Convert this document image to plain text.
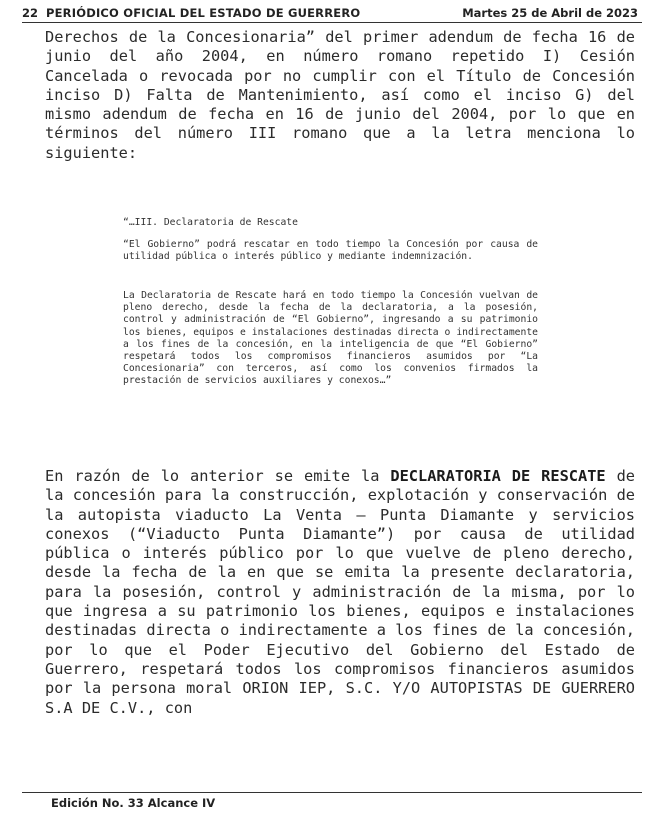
22 PERIÓDICO OFICIAL DEL ESTADO DE GUERRERO	Martes 25 de Abril de 2023

Derechos de la Concesionaria” del primer adendum de fecha 16 de junio del año 2004, en número romano repetido I) Cesión Cancelada o revocada por no cumplir con el Título de Concesión inciso D) Falta de Mantenimiento, así como el inciso G) del mismo adendum de fecha en 16 de junio del 2004, por lo que en términos del número III romano que a la letra menciona lo siguiente:

“…III. Declaratoria de Rescate

“El Gobierno” podrá rescatar en todo tiempo la Concesión por causa de utilidad pública o interés público y mediante indemnización.

La Declaratoria de Rescate hará en todo tiempo la Concesión vuelvan de pleno derecho, desde la fecha de la declaratoria, a la posesión, control y administración de “El Gobierno”, ingresando a su patrimonio los bienes, equipos e instalaciones destinadas directa o indirectamente a los fines de la concesión, en la inteligencia de que “El Gobierno” respetará todos los compromisos financieros asumidos por “La Concesionaria” con terceros, así como los convenios firmados la prestación de servicios auxiliares y conexos…”

En razón de lo anterior se emite la DECLARATORIA DE RESCATE de la concesión para la construcción, explotación y conservación de la autopista viaducto La Venta – Punta Diamante y servicios conexos (“Viaducto Punta Diamante”) por causa de utilidad pública o interés público por lo que vuelve de pleno derecho, desde la fecha de la en que se emita la presente declaratoria, para la posesión, control y administración de la misma, por lo que ingresa a su patrimonio los bienes, equipos e instalaciones destinadas directa o indirectamente a los fines de la concesión, por lo que el Poder Ejecutivo del Gobierno del Estado de Guerrero, respetará todos los compromisos financieros asumidos por la persona moral ORION IEP, S.C. Y/O AUTOPISTAS DE GUERRERO S.A DE C.V., con

Edición No. 33 Alcance IV
